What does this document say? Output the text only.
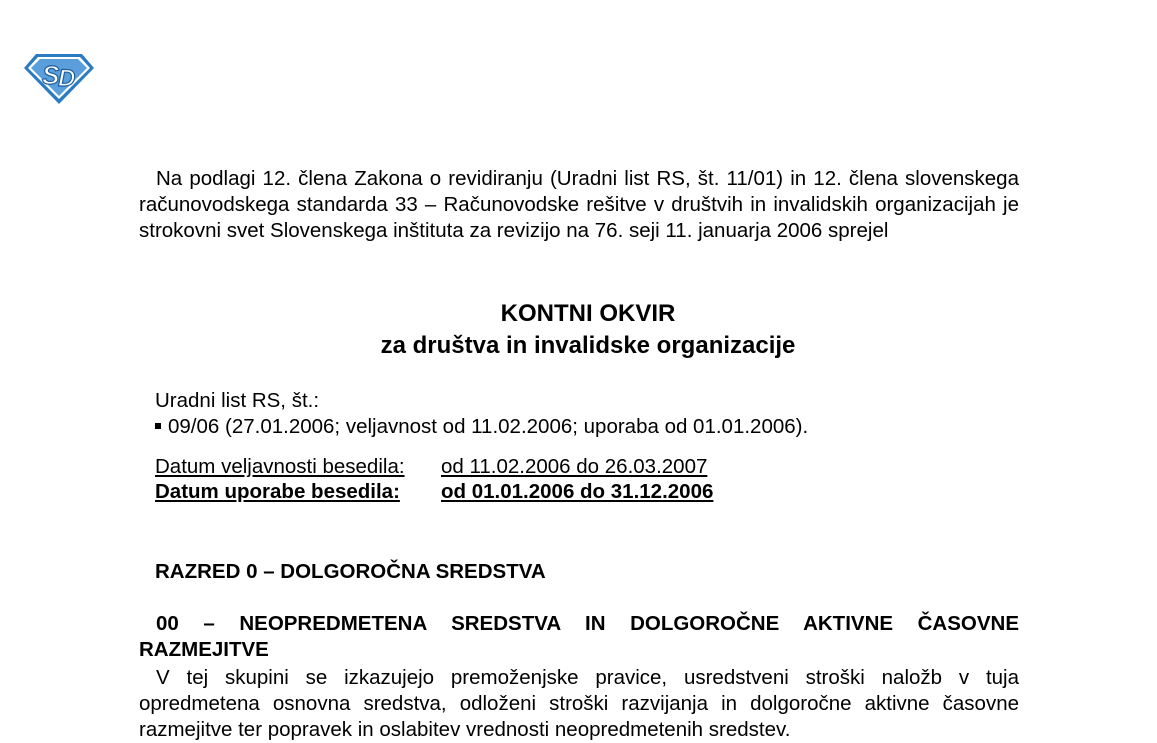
S
D

Na podlagi 12. člena Zakona o revidiranju (Uradni list RS, št. 11/01) in 12. člena slovenskega računovodskega standarda 33 – Računovodske rešitve v društvih in invalidskih organizacijah je strokovni svet Slovenskega inštituta za revizijo na 76. seji 11. januarja 2006 sprejel

KONTNI OKVIR
za društva in invalidske organizacije
Uradni list RS, št.:
09/06 (27.01.2006; veljavnost od 11.02.2006; uporaba od 01.01.2006).
Datum veljavnosti besedila:	od 11.02.2006 do 26.03.2007
Datum uporabe besedila:	od 01.01.2006 do 31.12.2006
RAZRED 0 – DOLGOROČNA SREDSTVA

00 – NEOPREDMETENA SREDSTVA IN DOLGOROČNE AKTIVNE ČASOVNE RAZMEJITVE

V tej skupini se izkazujejo premoženjske pravice, usredstveni stroški naložb v tuja opredmetena osnovna sredstva, odloženi stroški razvijanja in dolgoročne aktivne časovne razmejitve ter popravek in oslabitev vrednosti neopredmetenih sredstev.
